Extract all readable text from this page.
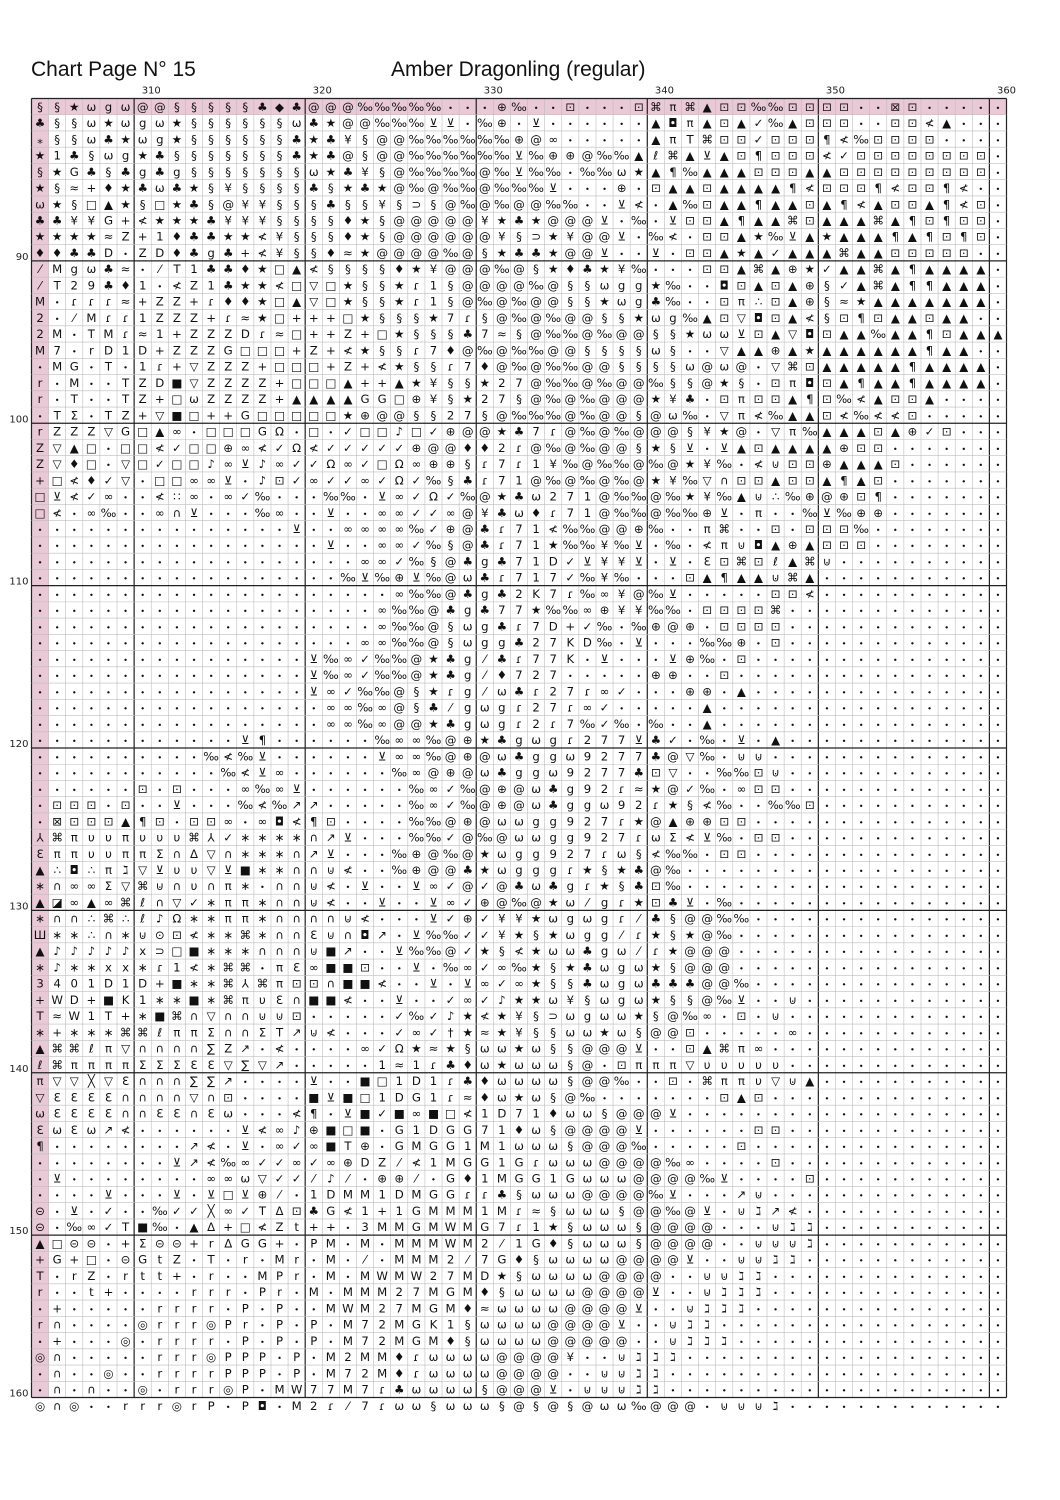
Chart Page N° 15	Amber Dragonling (regular)
§ § ★ ω g ω @ @ § § § § § ♣ ◆ ♣ @ @ @ ‰ ‰ ‰ ‰ ‰ • • • ⊕ ‰ • • ⊡ • • • ⊡ ⌘ π ⌘ ▲ ⊡ ⊡ ‰ ‰ ⊡ ⊡ ⊡ ⊡ • • ⊠ ⊡ • • • • •
♣ § § ω ★ ω g ω ★ § § § § § § ω ♣ ★ @ @ ‰ ‰ ‰ ⊻ ⊻ • ‰ ⊕ • ⊻ • • • • • • ▲ ◘ π ▲ ⊡ ▲ ✓ ‰ ▲ ⊡ ⊡ ⊡ • • ⊡ ⊡ ≮ ▲ • • •
⁎ § § ω ♣ ★ ω g ★ § § § § § § ♣ ★ ♣ ¥ § @ @ ‰ ‰ ‰ ‰ ‰ ‰ ⊕ @ ∞ • • • • • ▲ π T ⌘ ⊡ ⊡ ✓ ⊡ ⊡ ⊡ ¶ ≮ ‰ ⊡ ⊡ ⊡ ⊡ • • • •
★ 1 ♣ § ω g ★ ♣ § § § § § § § ♣ ★ ♣ @ § @ @ ‰ ‰ ‰ ‰ ‰ ‰ ⊻ ‰ ⊕ ⊕ @ ‰ ‰ ▲ ℓ ⌘ ▲ ⊻ ▲ ⊡ ¶ ⊡ ⊡ ⊡ ≮ ✓ ⊡ ⊡ ⊡ ⊡ ⊡ ⊡ ⊡ ⊡ •
§ ★ G ♣ § ♣ g ♣ g § § § § § § § ω ★ ♣ ¥ § @ ‰ ‰ ‰ ‰ @ ‰ ⊻ ‰ ‰ • ‰ ‰ ω ★ ▲ ¶ ‰ ▲ ▲ ▲ ⊡ ⊡ ⊡ ▲ ▲ ⊡ ⊡ ⊡ ⊡ ⊡ ⊡ ⊡ ⊡ ⊡ •
★ § ≈ + ♦ ★ ♣ ω ♣ ★ § ¥ § § § § ♣ § ★ ♣ ★ @ ‰ @ ‰ ‰ @ ‰ ‰ ‰ ⊻ • • • ⊕ • ⊡ ▲ ▲ ⊡ ▲ ▲ ▲ ▲ ¶ ≮ ⊡ ⊡ ⊡ ¶ ≮ ⊡ ⊡ ¶ ≮ • •
ω ★ § □ ▲ ★ § □ ★ ♣ § @ ¥ ¥ § § § ♣ § § ¥ § ⊃ § @ ‰ @ ‰ @ @ ‰ ‰ • • ⊻ ≮ • ▲ ‰ ⊡ ▲ ▲ ¶ ▲ ▲ ⊡ ▲ ¶ ≮ ▲ ⊡ ⊡ ▲ ¶ ≮ ⊡ •
♣ ♣ ¥ ¥ G + ≮ ★ ★ ★ ♣ ¥ ¥ ¥ § § § § ♦ ★ § @ @ @ @ @ ¥ ★ ♣ ★ @ @ @ ⊻ • ‰ • ⊻ ⊡ ⊡ ▲ ¶ ▲ ▲ ⌘ ⊡ ▲ ▲ ▲ ⌘ ▲ ¶ ⊡ ¶ ⊡ ⊡ •
★ ★ ★ ★ ≈ Z + 1 ♦ ♣ ♣ ★ ★ ≮ ¥ § § § ♦ ★ § @ @ @ @ @ @ ¥ § ⊃ ★ ¥ @ @ ⊻ • ‰ ≮ • ⊡ ⊡ ▲ ★ ‰ ⊻ ▲ ★ ▲ ▲ ▲ ¶ ▲ ¶ ⊡ ¶ ⊡ •
♦ ♦ ♣ ♣ D • Z D ♦ ♣ g ♣ + ≮ ¥ § § ♦ ≈ ★ @ @ @ @ ‰ @ § ★ ♣ ♣ ★ @ @ ⊻ • • ⊻ • ⊡ ⊡ ▲ ★ ▲ ✓ ▲ ▲ ▲ ⌘ ▲ ▲ ⊡ ⊡ ⊡ ⊡ ⊡ • •
⁄ M g ω ♣ ≈ • ⁄ T 1 ♣ ♣ ♦ ★ □ ▲ ≮ § § § § ♦ ★ ¥ @ @ @ ‰ @ § ★ ♦ ♣ ★ ¥ ‰ • • • ⊡ ⊡ ▲ ⌘ ▲ ⊕ ★ ✓ ▲ ▲ ⌘ ▲ ¶ ▲ ▲ ▲ ▲ •
⁄ T 2 9 ♣ ♦ 1 • ≮ Z 1 ♣ ★ ★ ≮ □ ▽ □ ★ § § ★ ɾ 1 § @ @ @ @ ‰ @ § § ω g g ★ ‰ • • ◘ ⊡ ▲ ⊡ ▲ ⊕ § ✓ ▲ ⌘ ▲ ¶ ¶ ▲ ▲ ▲ •
M • ɾ ɾ ɾ ≈ + Z Z + ɾ ♦ ♦ ★ □ ▲ ▽ □ ★ § § ★ ɾ 1 § @ ‰ @ ‰ @ @ § § ★ ω g ♣ ‰ • • ⊡ π ∴ ⊡ ▲ ⊕ § ≈ ★ ▲ ▲ ▲ ▲ ▲ ▲ ▲ •
2 • ⁄ M ɾ ɾ 1 Z Z Z + ɾ ≈ ★ □ + + + □ ★ § § § ★ 7 ɾ § @ ‰ @ ‰ @ @ § § ★ ω g ‰ ▲ ⊡ ▽ ◘ ⊡ ▲ ≮ § ⊡ ¶ ⊡ ▲ ▲ ⊡ ▲ ▲ • •
2 M • T M ɾ ≈ 1 + Z Z Z D ɾ ≈ □ + + Z + □ ★ § § § ♣ 7 ≈ § @ ‰ ‰ @ ‰ @ @ § § ★ ω ω ⊻ ⊡ ▲ ▽ ◘ ⊡ ▲ ▲ ‰ ▲ ▲ ¶ ⊡ ▲ ▲ ▲
M 7 • r D 1 D + Z Z Z G □ □ □ + Z + ≮ ★ § § ɾ 7 ♦ @ ‰ @ ‰ ‰ @ @ § § § § ω § • • ▽ ▲ ▲ ⊕ ▲ ★ ▲ ▲ ▲ ▲ ▲ ▲ ¶ ▲ ▲ • •
• M G • T • 1 ɾ + ▽ Z Z Z + □ □ □ + Z + ≮ ★ § § ɾ 7 ♦ @ ‰ @ ‰ ‰ @ @ § § § § ω @ ω @ • ▽ ⌘ ⊡ ▲ ▲ ▲ ▲ ▲ ¶ ▲ ▲ ▲ ▲ •
r • M • • T Z D ■ ▽ Z Z Z Z + □ □ □ ▲ + + ▲ ★ ¥ § § ★ 2 7 @ ‰ ‰ @ ‰ @ @ ‰ § § @ ★ § • ⊡ π ◘ ⊡ ▲ ¶ ▲ ▲ ¶ ▲ ▲ ▲ ▲ •
r • T • • T Z + □ ω Z Z Z Z + ▲ ▲ ▲ ▲ G G □ ⊕ ¥ § ★ 2 7 § @ ‰ @ ‰ @ @ @ ★ ¥ ♣ • ⊡ π ⊡ ⊡ ▲ ¶ ⊡ ‰ ≮ ▲ ⊡ ⊡ ▲ • • • •
• T Σ • T Z + ▽ ■ □ + + G □ □ □ □ □ ★ ⊕ @ @ § § 2 7 § @ ‰ ‰ ‰ @ ‰ @ @ § @ ω ‰ • ▽ π ≮ ‰ ▲ ▲ ⊡ ≮ ‰ ≮ ≮ ⊡ • • • • •
r Z Z Z ▽ G □ ▲ ∞ • □ □ □ G Ω • □ • ✓ □ □ ♪ □ ✓ ⊕ @ @ ★ ♣ 7 ɾ @ ‰ @ ‰ @ @ @ § ¥ ★ @ • ▽ π ‰ ▲ ▲ ▲ ⊡ ▲ ⊕ ✓ ⊡ • • •
Z ▽ ▲ □ • □ □ ≮ ✓ □ □ ⊕ ∞ ≮ ✓ Ω ≮ ✓ ✓ ✓ ✓ ✓ ⊕ @ @ ♦ ♦ 2 ɾ @ ‰ @ ‰ @ @ § ★ § ⊻ • ⊻ ▲ ⊡ ▲ ▲ ▲ ▲ ⊕ ⊡ ⊡ • • • • • • •
Z ▽ ♦ □ • ▽ □ ✓ □ □ ♪ ∞ ⊻ ♪ ∞ ✓ ✓ Ω ∞ ✓ □ Ω ∞ ⊕ ⊕ § ɾ 7 ɾ 1 ¥ ‰ @ ‰ ‰ @ ‰ @ ★ ¥ ‰ • ≮ ⊍ ⊡ ⊡ ⊕ ▲ ▲ ▲ ⊡ • • • • • •
+ □ ≮ ♦ ✓ ▽ • □ □ ∞ ∞ ⊻ • ♪ ⊡ ✓ ∞ ✓ ✓ ∞ ✓ Ω ✓ ‰ § ♣ ɾ 7 1 @ ‰ @ ‰ @ ‰ @ ★ ¥ ‰ ▽ ∩ ⊡ ⊡ ▲ ⊡ ⊡ ▲ ¶ ▲ ⊡ • • • • • • •
□ ⊻ ≮ ✓ ∞ • • ≮ ∷ ∞ • ∞ ✓ ‰ • • • ‰ ‰ • ⊻ ∞ ✓ Ω ✓ ‰ @ ★ ♣ ω 2 7 1 @ ‰ ‰ @ ‰ ★ ¥ ‰ ▲ ⊍ ∴ ‰ ⊕ @ ⊕ ⊡ ¶ • • • • • • •
□ ≮ • ∞ ‰ • • ∞ ∩ ⊻ • • • ‰ ∞ • • ⊻ • • ∞ ∞ ✓ ✓ ∞ @ ¥ ♣ ω ♦ ɾ 7 1 @ ‰ ‰ @ ‰ ‰ ⊕ ⊻ • π • • ‰ ⊻ ‰ ⊕ ⊕ • • • • • • •
• • • • • • • • • • • • • • • ⊻ • • ∞ ∞ ∞ ∞ ‰ ✓ ⊕ @ ♣ ɾ 7 1 ≮ ‰ ‰ @ @ ⊕ ‰ • • π ⌘ • • ⊡ • ⊡ ⊡ ⊡ ‰ • • • • • • • •
• • • • • • • • • • • • • • • • • ⊻ • • ∞ ∞ ✓ ‰ § @ ♣ ɾ 7 1 ★ ‰ ‰ ¥ ‰ ⊻ • ‰ • ≮ π ⊍ ◘ ▲ ⊕ ▲ ⊡ ⊡ ⊡ • • • • • • • •
• • • • • • • • • • • • • • • • • • • ∞ ∞ ✓ ‰ § @ ♣ g ♣ 7 1 D ✓ ⊻ ¥ ¥ ⊻ • ⊻ • Ɛ ⊡ ⌘ ⊡ ℓ ▲ ⌘ ⊍ • • • • • • • • • •
• • • • • • • • • • • • • • • • • • ‰ ⊻ ‰ ⊕ ⊻ ‰ @ ω ♣ ɾ 7 1 7 ✓ ‰ ¥ ‰ • • • ⊡ ▲ ¶ ▲ ▲ ⊍ ⌘ ▲ • • • • • • • • • • •
• • • • • • • • • • • • • • • • • • • • • ∞ ‰ ‰ @ ♣ g ♣ 2 K 7 ɾ ‰ ∞ ¥ @ ‰ ⊻ • • • • • ⊡ ⊡ ≮ • • • • • • • • • • •
• • • • • • • • • • • • • • • • • • • • ∞ ‰ ‰ @ ♣ g ♣ 7 7 ★ ‰ ‰ ∞ ⊕ ¥ ¥ ‰ ‰ • ⊡ ⊡ ⊡ ⊡ ⌘ • • • • • • • • • • • • •
• • • • • • • • • • • • • • • • • • • • ∞ ‰ ‰ @ § ω g ♣ ɾ 7 D + ✓ ‰ • ‰ ⊕ @ ⊕ • ⊡ ⊡ ⊡ ⊡ • • • • • • • • • • • • •
• • • • • • • • • • • • • • • • • • • ∞ ∞ ‰ ‰ @ § ω g g ♣ 2 7 K D ‰ • ⊻ • • • ‰ ‰ ⊕ • ⊡ • • • • • • • • • • • • •
• • • • • • • • • • • • • • • • ⊻ ‰ ∞ ✓ ‰ ‰ @ ★ ♣ g ⁄ ♣ ɾ 7 7 K • ⊻ • • • ⊻ ⊕ ‰ • ⊡ • • • • • • • • • • • • • • •
• • • • • • • • • • • • • • • • ⊻ ‰ ∞ ✓ ‰ ‰ @ ★ ♣ g ⁄ ♦ 7 2 7 • • • • • ⊕ ⊕ • • ⊡ • • • • • • • • • • • • • • • •
• • • • • • • • • • • • • • • • ⊻ ∞ ✓ ‰ ‰ @ § ★ ɾ g ⁄ ω ♣ ɾ 2 7 ɾ ∞ ✓ • • • ⊕ ⊕ • ▲ • • • • • • • • • • • • • • •
• • • • • • • • • • • • • • • • • ∞ ∞ ‰ ∞ @ § ♣ ⁄ g ω g ɾ 2 7 ɾ ∞ ✓ • • • • • ▲ • • • • • • • • • • • • • • • • •
• • • • • • • • • • • • • • • • • ∞ ∞ ‰ ∞ @ @ ★ ♣ g ω g ɾ 2 ɾ 7 ‰ ✓ ‰ • ‰ • • ▲ • • • • • • • • • • • • • • • • •
• • • • • • • • • • • • ⊻ ¶ • • • • • • ‰ ∞ ∞ ‰ @ ⊕ ★ ♣ g ω g ɾ 2 7 7 ⊻ ♣ ✓ • ‰ • ⊻ • ▲ • • • • • • • • • • • • •
• • • • • • • • • • ‰ ≮ ‰ ⊻ • • • • • • ⊻ ∞ ∞ ‰ @ ⊕ @ ω ♣ g g ω 9 2 7 7 ♣ @ ▽ ‰ • ⊍ ⊍ • • • • • • • • • • • • • •
• • • • • • • • • • • ‰ ≮ ⊻ ∞ • • • • • • ‰ ∞ @ ⊕ @ ω ♣ g g ω 9 2 7 7 ♣ ⊡ ▽ • • ‰ ‰ ⊡ ⊍ • • • • • • • • • • • • •
• • • • • • ⊡ • ⊡ • • • ∞ ‰ ∞ ⊻ • • • • • • ‰ ∞ ✓ ‰ @ ⊕ @ ω ♣ g 9 2 ɾ ≈ ★ @ ✓ ‰ • ∞ ⊡ ⊡ • • • • • • • • • • • • •
• ⊡ ⊡ ⊡ • ⊡ • • ⊻ • • • ‰ ≮ ‰ ↗ ↗ • • • • • ‰ ∞ ✓ ‰ @ ⊕ @ ω ♣ g g ω 9 2 ɾ ★ § ≮ ‰ • • ‰ ‰ ⊡ • • • • • • • • • • •
• ⊠ ⊡ ⊡ ⊡ ▲ ¶ ⊡ • ⊡ ⊡ ∞ • ∞ ◘ ≮ ¶ ⊡ • • • • ‰ ‰ @ ⊕ @ ω ω g g 9 2 7 ɾ ★ @ ▲ ⊕ ⊕ ⊡ ⊡ • • • • • • • • • • • • • • •
⅄ ⌘ π υ υ π υ υ υ ⌘ ⅄ ✓ ∗ ∗ ∗ ∗ ∩ ↗ ⊻ • • • ‰ ‰ ✓ @ ‰ @ ω ω g g 9 2 7 ɾ ω Σ ≮ ⊻ ‰ • ⊡ ⊡ • • • • • • • • • • • • •
Ɛ π π υ υ π π Σ ∩ Δ ▽ ∩ ∗ ∗ ∗ ∩ ↗ ⊻ • • • ‰ ⊕ @ ‰ @ ★ ω g g 9 2 7 ɾ ω § ≮ ‰ ‰ • ⊡ ⊡ • • • • • • • • • • • • • • •
▲ ∴ ◘ ∴ π ℷ ▽ ⊻ υ υ ▽ ⊻ ■ ∗ ∗ ∩ ∩ ⊍ ≮ • • ‰ ⊕ @ @ ♣ ★ ω g g g ɾ ★ § ★ ♣ @ ‰ • • • • • • • • • • • • • • • • • • •
∗ ∩ ∞ ∞ Σ ▽ ⌘ ⊍ ∩ υ ∩ π ∗ • ∩ ∩ ⊍ ≮ • ⊻ • • ⊻ ∞ ✓ @ ✓ @ ♣ ω ♣ g ɾ ★ § ♣ ⊡ ‰ • • • • • • • • • • • • • • • • • • •
▲ ◪ ∞ ▲ ∞ ⌘ ℓ ∩ ▽ ✓ ∗ π π ∗ ∩ ∩ ⊍ ≮ • • ⊻ • • ⊻ ∞ ✓ ⊕ @ ‰ @ ★ ω ⁄ g ɾ ★ ⊡ ♣ ⊻ • ‰ • • • • • • • • • • • • • • • •
∗ ∩ ∩ ∴ ⌘ ∴ ℓ ♪ Ω ∗ ∗ π π ∗ ∩ ∩ ∩ ∩ ⊍ ≮ • • • ⊻ ✓ ⊕ ✓ ¥ ¥ ★ ω g ω g ɾ ⁄ ♣ § @ @ ‰ ‰ • • • • • • • • • • • • • • •
Ш ∗ ∗ ∴ ∩ ∗ ⊍ ⊙ ⊡ ≮ ∗ ∗ ⌘ ∗ ∩ ∩ Ɛ ⊍ ∩ ◘ ↗ • ⊻ ‰ ‰ ✓ ✓ ¥ ★ § ★ ω g g ⁄ ɾ ★ § ★ @ ‰ • • • • • • • • • • • • • • • •
▲ ♪ ♪ ♪ ♪ ♪ x ⊃ □ ■ ∗ ∗ ∗ ∩ ∩ ∩ ⊍ ■ ↗ • • ⊻ ‰ ‰ @ ✓ ★ § ≮ ★ ω ω ♣ g ω ⁄ ɾ ★ @ @ @ • • • • • • • • • • • • • • • •
∗ ♪ ∗ ∗ x x ∗ ɾ 1 ≮ ∗ ⌘ ⌘ • π Ɛ ∞ ■ ■ ⊡ • • ⊻ • ‰ ∞ ✓ ∞ ‰ ★ § ★ ♣ ω g ω ★ § @ @ @ • • • • • • • • • • • • • • • •
3 4 0 1 D 1 D + ■ ∗ ∗ ⌘ ⅄ ⌘ π ⊡ ⊡ ∩ ■ ■ ≮ • • ⊻ • ⊻ ∞ ✓ ∞ ★ § § ♣ ω g ω ♣ ♣ ♣ @ @ ‰ • • • • • • • • • • • • • • •
+ W D + ■ K 1 ∗ ∗ ■ ∗ ⌘ π υ Ɛ ∩ ■ ■ ≮ • • ⊻ • • ✓ ∞ ✓ ♪ ★ ★ ω ¥ § ω g ω ★ § § @ ‰ ⊻ • • ⊍ • • • • • • • • • • • •
T ≈ W 1 T + ∗ ■ ⌘ ∩ ▽ ∩ ∩ ⊍ ⊍ ⊡ • • • • • ✓ ‰ ✓ ♪ ★ ≮ ★ ¥ § ⊃ ω g ω ω ★ § @ ‰ ∞ • ⊡ • ⊍ • • • • • • • • • • • • •
∗ + ∗ ∗ ∗ ⌘ ⌘ ℓ π π Σ ∩ ∩ Σ T ↗ ⊍ ≮ • • • ✓ ∞ ✓ † ★ ≈ ★ ¥ § § ω ω ★ ω § @ @ ⊡ • • • • • ∞ • • • • • • • • • • • •
▲ ⌘ ⌘ ℓ π ▽ ∩ ∩ ∩ ∩ ∑ Z ↗ • ≮ • • • • ∞ ✓ Ω ★ ≈ ★ § ω ω ★ ω § § @ @ @ ⊻ • • ⊡ ▲ ⌘ π ∞ • • • • • • • • • • • • • •
ℓ ⌘ π π π π Σ Σ Σ Ɛ Ɛ ▽ ∑ ▽ ↗ • • • • • 1 ≈ 1 ɾ ♣ ♦ ω ★ ω ω ω § @ • ⊡ π π π ▽ υ υ υ υ υ • • • • • • • • • • • • •
π ▽ ▽ ╳ ▽ Ɛ ∩ ∩ ∩ ∑ ∑ ↗ • • • • ⊻ • • ■ □ 1 D 1 ɾ ♣ ♦ ω ω ω ω § @ @ ‰ • • ⊡ • ⌘ π π υ ▽ ⊍ ▲ • • • • • • • • • • •
▽ Ɛ Ɛ Ɛ Ɛ ∩ ∩ ∩ ∩ ▽ ∩ ⊡ • • • • ■ ⊻ ■ □ 1 D G 1 ɾ ≈ ♦ ω ★ ω § @ ‰ • • • • • • • ⊡ ▲ ⊡ • • • • • • • • • • • • • •
ω Ɛ Ɛ Ɛ Ɛ ∩ ∩ Ɛ Ɛ ∩ Ɛ ω • • • ≮ ¶ • ⊻ ■ ✓ ■ ∞ ■ □ ≮ 1 D 7 1 ♦ ω ω § @ @ @ ⊻ • • • • • • • • • • • • • • • • • • •
Ɛ ω Ɛ ω ↗ ≮ • • • • • • ⊻ ≮ ∞ ♪ ⊕ ■ □ ■ • G 1 D G G 7 1 ♦ ω § @ @ @ @ ⊻ • • • • • • ⊡ ⊡ • • • • • • • • • • • • •
¶ • • • • • • • • ↗ ≮ • ⊻ • ∞ ✓ ∞ ■ T ⊕ • G M G G 1 M 1 ω ω ω § @ @ @ ‰ • • • • • ⊡ • • • • • • • • • • • • • • •
• • • • • • • • ⊻ ↗ ≮ ‰ ∞ ✓ ✓ ∞ ✓ ∞ ⊕ D Z ⁄ ≮ 1 M G G 1 G ɾ ω ω ω @ @ @ @ ‰ ∞ • • • • ⊡ • • • • • • • • • • • • •
• ⊻ • • • • • • • • ∞ ∞ ω ▽ ✓ ✓ ⁄ ♪ ⁄	• ⊕ ⊕ ⁄	• G ♦ 1 M G G 1 G ω ω ω @ @ @ @ ‰ ⊻ • • • • ⊡ • • • • • • • • • • •
• • • • ⊻ • • • ⊻ • ⊻ □ ⊻ ⊕ ⁄	• 1 D M M 1 D M G G ɾ ɾ ♣ § ω ω ω @ @ @ @ ‰ ⊻ • • • ↗ ⊍ • • • • • • • • • • • • • •
⊝ • ⊻ • ✓ • • ‰ ✓ ✓ ╳ ∞ ✓ T Δ ⊡ ♣ G ≮ 1 + 1 G M M M 1 M ɾ ≈ § ω ω ω § @ @ ‰ @ ⊻ • ⊍ ℷ ↗ ≮ • • • • • • • • • • • •
⊝ • ‰ ∞ ✓ T ■ ‰ • ▲ Δ + □ ≮ Z t + + • 3 M M G M W M G 7 ɾ 1 ★ § ω ω ω § @ @ @ @ • • • ⊍ ℷ ℷ • • • • • • • • • • •
▲ □ ⊝ ⊝ • + Σ ⊝ ⊝ + r Δ G G + • P M • M • M M M W M 2 ⁄ 1 G ♦ § ω ω ω § @ @ @ @ • • ⊍ ⊍ ⊍ ℷ • • • • • • • • • • •
+ G + □ • ⊝ G t Z • T • r • M r • M • ⁄	• M M M 2 ⁄ 7 G ♦ § ω ω ω ω @ @ @ @ ⊻ • • ⊍ ⊍ ℷ ℷ • • • • • • • • • • • •
T • r Z • r t t + • r • • M P r • M • M W M W 2 7 M D ★ § ω ω ω ω @ @ @ @ • • ⊍ ⊍ ℷ ℷ • • • • • • • • • • • • • •
r • • t + • • • • r r r • P r • M • M M M 2 7 M G M ♦ § ω ω ω ω @ @ @ @ ⊻ • • ⊍ ℷ ℷ ℷ • • • • • • • • • • • • • •
• + • • • • • r r r r • P • P • • M W M 2 7 M G M ♦ ≈ ω ω ω ω @ @ @ @ ⊻ • • ⊍ ℷ ℷ ℷ • • • • • • • • • • • • • • •
r ∩ • • • • ◎ r r r ◎ P r • P • P • M 7 2 M G K 1 § ω ω ω ω @ @ @ @ ⊻ • • ⊍ ℷ ℷ • • • • • • • • • • • • • • • • •
• + • • • ◎ • r r r r • P • P • P • M 7 2 M G M ♦ § ω ω ω ω @ @ @ @ @ • • ⊍ ℷ ℷ ℷ • • • • • • • • • • • • • • • •
◎ ∩ • • • • • r r r ◎ P P P • P • M 2 M M ♦ ɾ ω ω ω ω @ @ @ @ ¥ • • ⊍ ℷ ℷ ℷ • • • • • • • • • • • • • • • • • • •
• ∩ • • ◎ • • r r r r P P P • P • M 7 2 M ♦ ɾ ω ω ω ω @ @ @ @ • • ⊍ ⊍ ℷ ℷ • • • • • • • • • • • • • • • • • • • •
• ∩ • ∩ • • ◎ • r r r ◎ P • M W 7 7 M 7 ɾ ♣ ω ω ω ω § @ @ @ ⊻ • ⊍ ⊍ ⊍ ℷ ℷ • • • • • • • • • • • • • • • • • • • •
◎ ∩ ◎ • • r r r ◎ r P • P ◘ • M 2 ɾ ⁄ 7 ɾ ω ω § ω ω ω § @ § @ § @ ω ω ‰ @ @ @ • ⊍ ⊍ ⊍ ℷ • • • • • • • • • • • • •
310	320	330	340	350	360
90
100
110
120
130
140
150
160
